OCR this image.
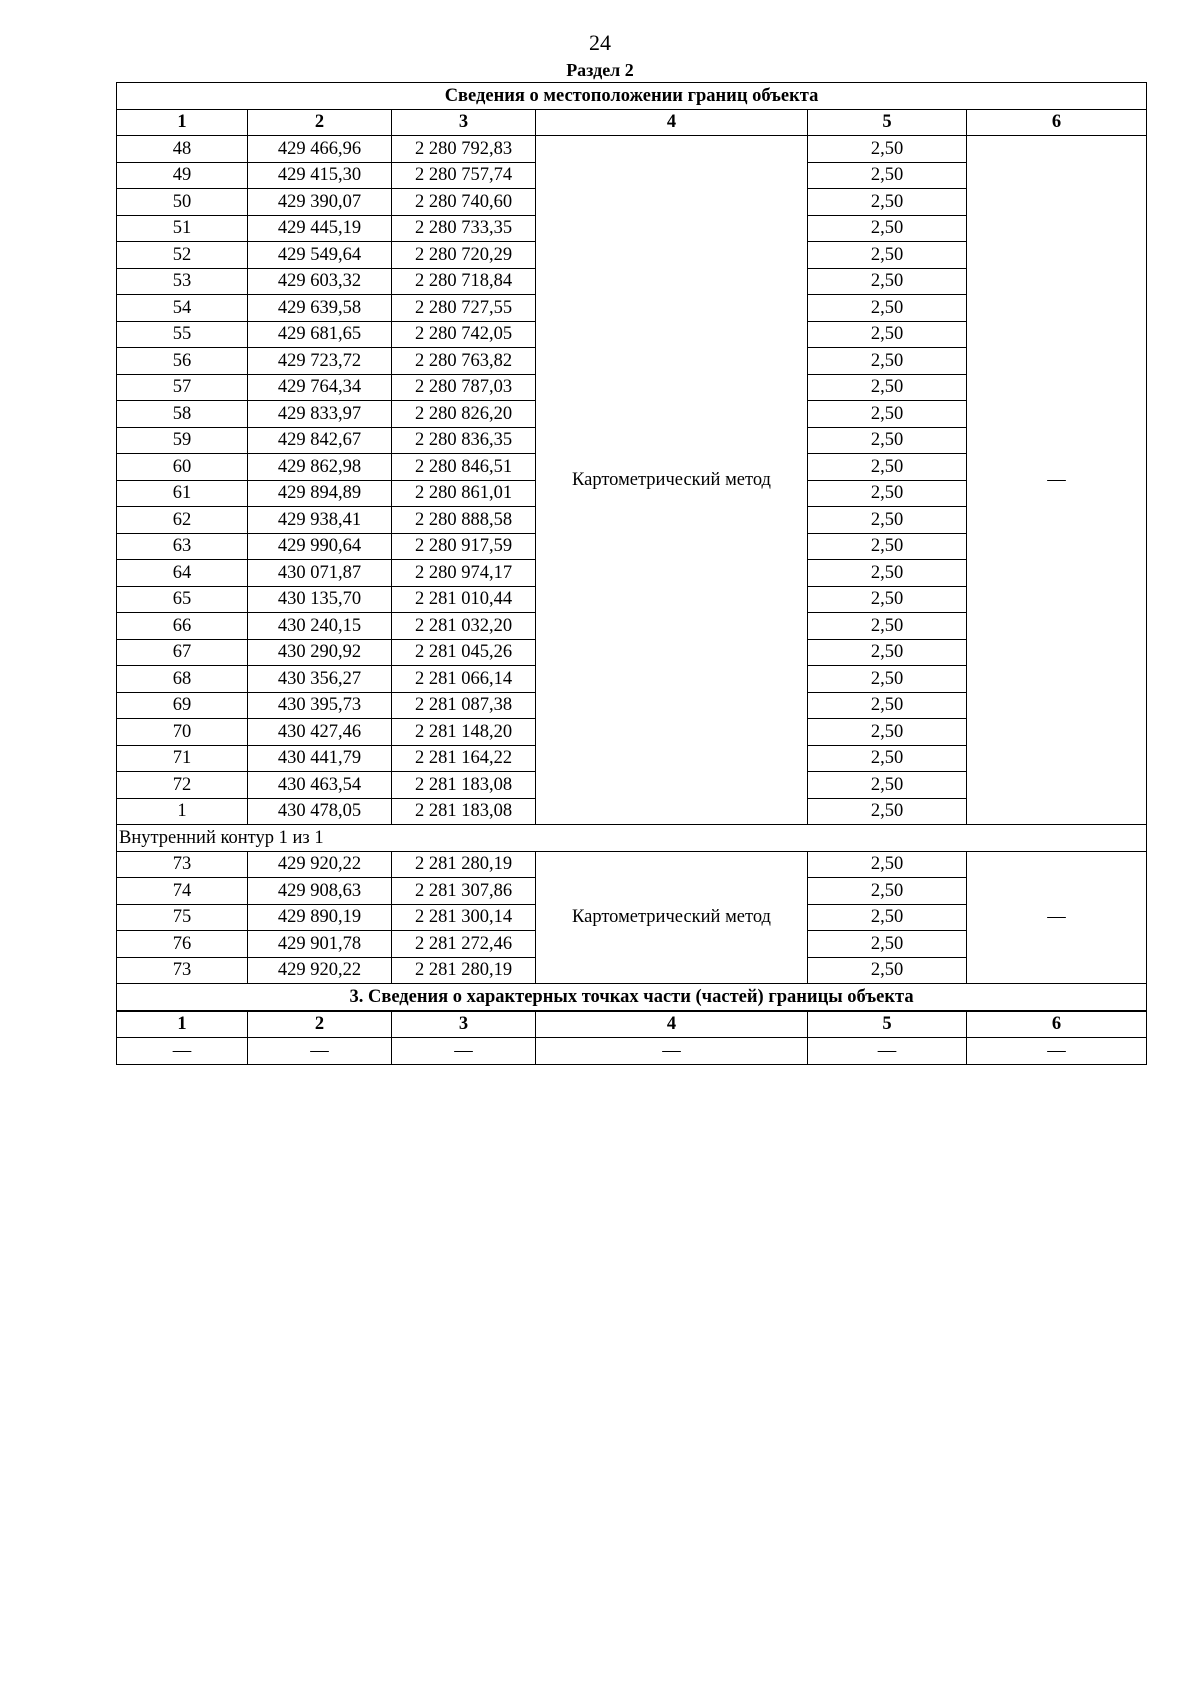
24
Раздел 2
Сведения о местоположении границ объекта					
1	2	3	4	5	6
48	429 466,96	2 280 792,83	Картометрический метод	2,50	—
49	429 415,30	2 280 757,74		2,50	
50	429 390,07	2 280 740,60		2,50	
51	429 445,19	2 280 733,35		2,50	
52	429 549,64	2 280 720,29		2,50	
53	429 603,32	2 280 718,84		2,50	
54	429 639,58	2 280 727,55		2,50	
55	429 681,65	2 280 742,05		2,50	
56	429 723,72	2 280 763,82		2,50	
57	429 764,34	2 280 787,03		2,50	
58	429 833,97	2 280 826,20		2,50	
59	429 842,67	2 280 836,35		2,50	
60	429 862,98	2 280 846,51		2,50	
61	429 894,89	2 280 861,01		2,50	
62	429 938,41	2 280 888,58		2,50	
63	429 990,64	2 280 917,59		2,50	
64	430 071,87	2 280 974,17		2,50	
65	430 135,70	2 281 010,44		2,50	
66	430 240,15	2 281 032,20		2,50	
67	430 290,92	2 281 045,26		2,50	
68	430 356,27	2 281 066,14		2,50	
69	430 395,73	2 281 087,38		2,50	
70	430 427,46	2 281 148,20		2,50	
71	430 441,79	2 281 164,22		2,50	
72	430 463,54	2 281 183,08		2,50	
1	430 478,05	2 281 183,08		2,50	
Внутренний контур 1 из 1					
73	429 920,22	2 281 280,19	Картометрический метод	2,50	—
74	429 908,63	2 281 307,86		2,50	
75	429 890,19	2 281 300,14		2,50	
76	429 901,78	2 281 272,46		2,50	
73	429 920,22	2 281 280,19		2,50	
3. Сведения о характерных точках части (частей) границы объекта					
1	2	3	4	5	6
—	—	—	—	—	—
